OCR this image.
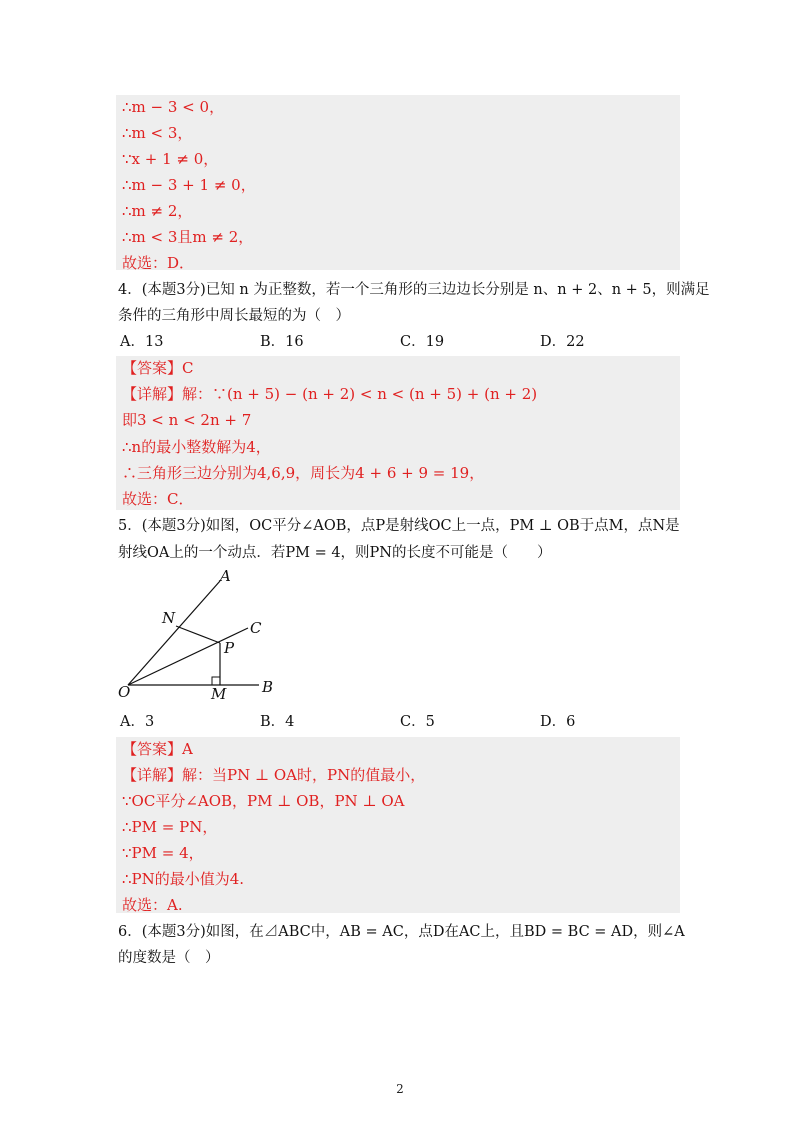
∴m − 3 < 0，
∴m < 3，
∵x + 1 ≠ 0，
∴m − 3 + 1 ≠ 0，
∴m ≠ 2，
∴m < 3且m ≠ 2，
故选：D．
4．(本题3分)已知 n 为正整数，若一个三角形的三边边长分别是 n、n + 2、n + 5，则满足
条件的三角形中周长最短的为（　）
A．13	B．16	C．19	D．22
【答案】C
【详解】解：∵(n + 5) − (n + 2) < n < (n + 5) + (n + 2)
即3 < n < 2n + 7
∴n的最小整数解为4，
∴三角形三边分别为4,6,9，周长为4 + 6 + 9 = 19，
故选：C．
5．(本题3分)如图，OC平分∠AOB，点P是射线OC上一点，PM ⊥ OB于点M，点N是
射线OA上的一个动点．若PM = 4，则PN的长度不可能是（　　）
A
N
C
P
O	M B
A．3	B．4	C．5	D．6
【答案】A
【详解】解：当PN ⊥ OA时，PN的值最小，
∵OC平分∠AOB，PM ⊥ OB，PN ⊥ OA
∴PM = PN，
∵PM = 4，
∴PN的最小值为4.
故选：A.
6．(本题3分)如图，在⊿ABC中，AB = AC，点D在AC上，且BD = BC = AD，则∠A
的度数是（　）
2
